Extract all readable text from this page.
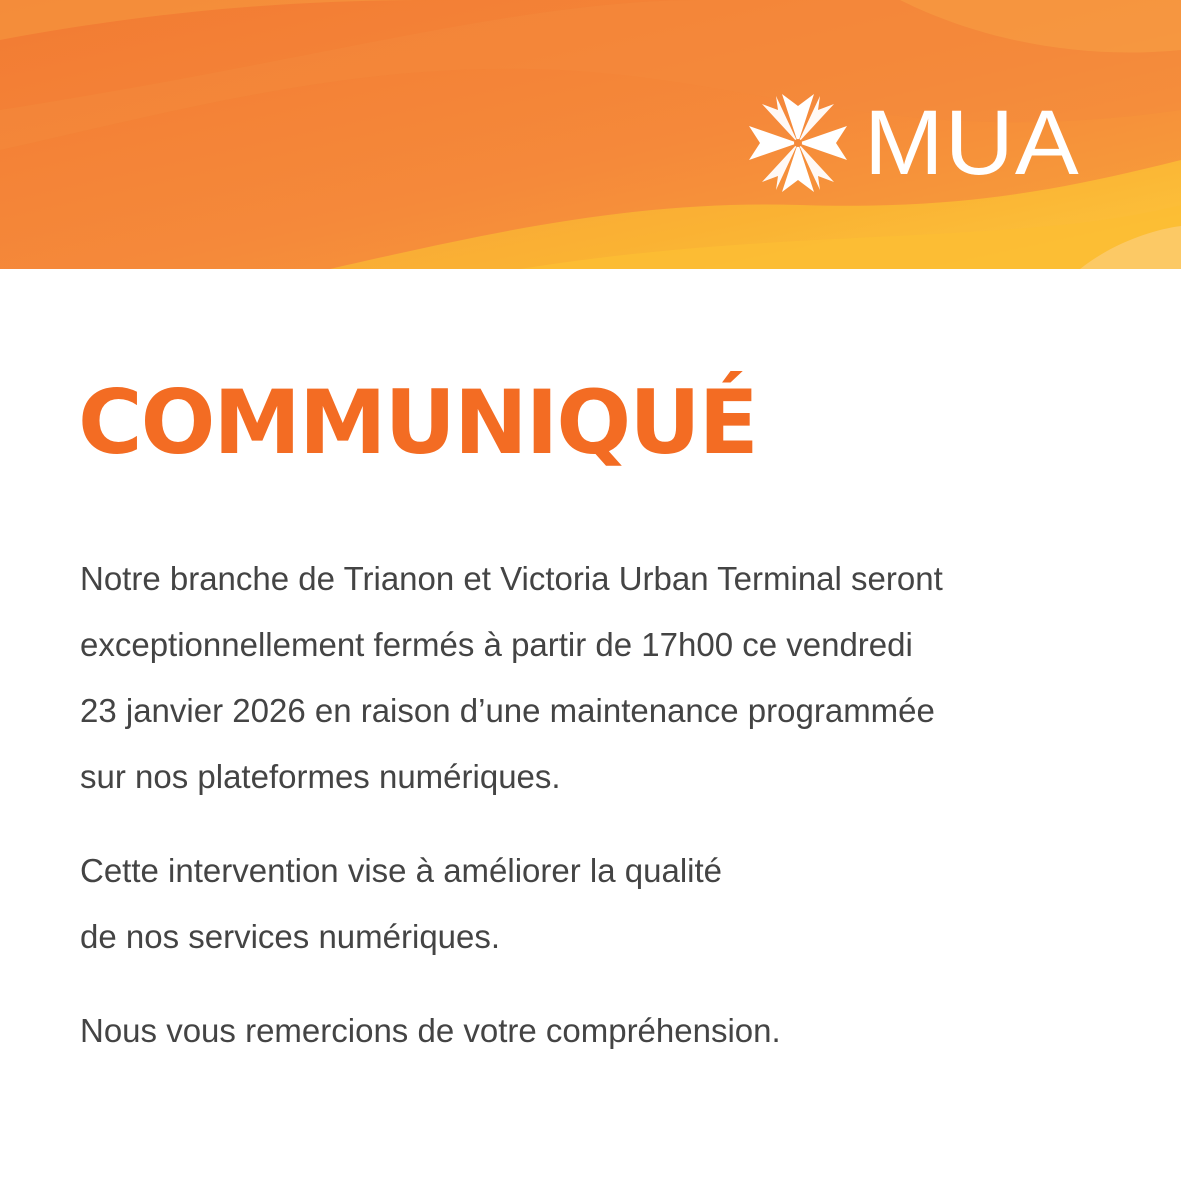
MUA
COMMUNIQUÉ

Notre branche de Trianon et Victoria Urban Terminal seront
exceptionnellement fermés à partir de 17h00 ce vendredi
23 janvier 2026 en raison d’une maintenance programmée
sur nos plateformes numériques.

Cette intervention vise à améliorer la qualité
de nos services numériques.

Nous vous remercions de votre compréhension.
